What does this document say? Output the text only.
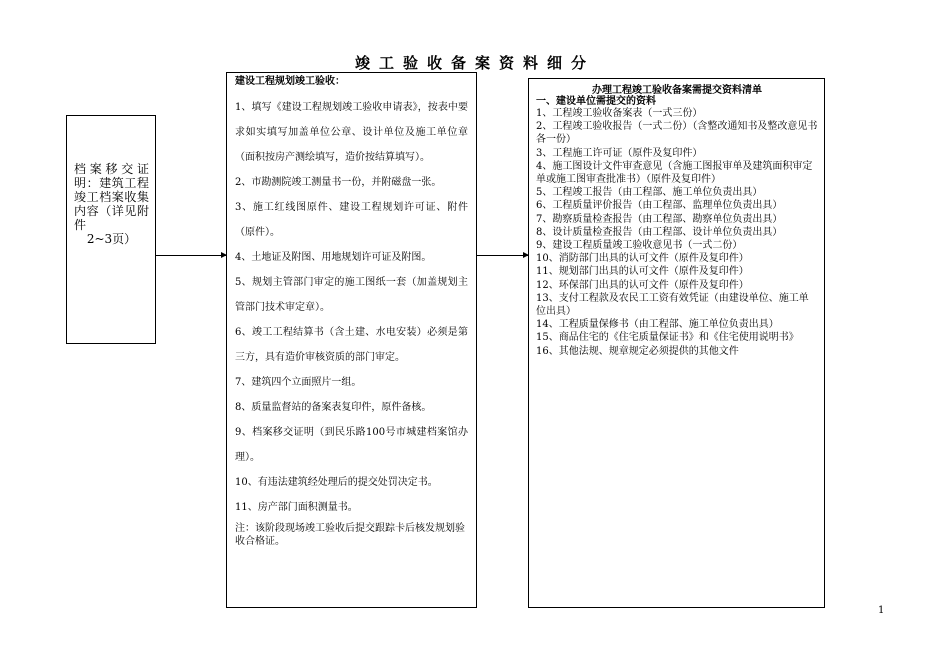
竣工验收备案资料细分
档案移交证明：建筑工程竣工档案收集内容（详见附件
2~3页）
建设工程规划竣工验收：

1、填写《建设工程规划竣工验收申请表》，按表中要求如实填写加盖单位公章、设计单位及施工单位章（面积按房产测绘填写，造价按结算填写）。

2、市勘测院竣工测量书一份，并附磁盘一张。

3、施工红线图原件、建设工程规划许可证、附件（原件）。

4、土地证及附图、用地规划许可证及附图。

5、规划主管部门审定的施工图纸一套（加盖规划主管部门技术审定章）。

6、竣工工程结算书（含土建、水电安装）必须是第三方，具有造价审核资质的部门审定。

7、建筑四个立面照片一组。

8、质量监督站的备案表复印件，原件备核。

9、档案移交证明（到民乐路100号市城建档案馆办理）。

10、有违法建筑经处理后的提交处罚决定书。

11、房产部门面积测量书。

注：该阶段现场竣工验收后提交跟踪卡后核发规划验收合格证。
办理工程竣工验收备案需提交资料清单
一、建设单位需提交的资料

1、工程竣工验收备案表（一式三份）

2、工程竣工验收报告（一式二份）（含整改通知书及整改意见书各一份）

3、工程施工许可证（原件及复印件）

4、施工图设计文件审查意见（含施工图报审单及建筑面积审定单或施工图审查批准书）（原件及复印件）

5、工程竣工报告（由工程部、施工单位负责出具）

6、工程质量评价报告（由工程部、监理单位负责出具）

7、勘察质量检查报告（由工程部、勘察单位负责出具）

8、设计质量检查报告（由工程部、设计单位负责出具）

9、建设工程质量竣工验收意见书（一式二份）

10、消防部门出具的认可文件（原件及复印件）

11、规划部门出具的认可文件（原件及复印件）

12、环保部门出具的认可文件（原件及复印件）

13、支付工程款及农民工工资有效凭证（由建设单位、施工单位出具）

14、工程质量保修书（由工程部、施工单位负责出具）

15、商品住宅的《住宅质量保证书》和《住宅使用说明书》

16、其他法规、规章规定必须提供的其他文件

1
